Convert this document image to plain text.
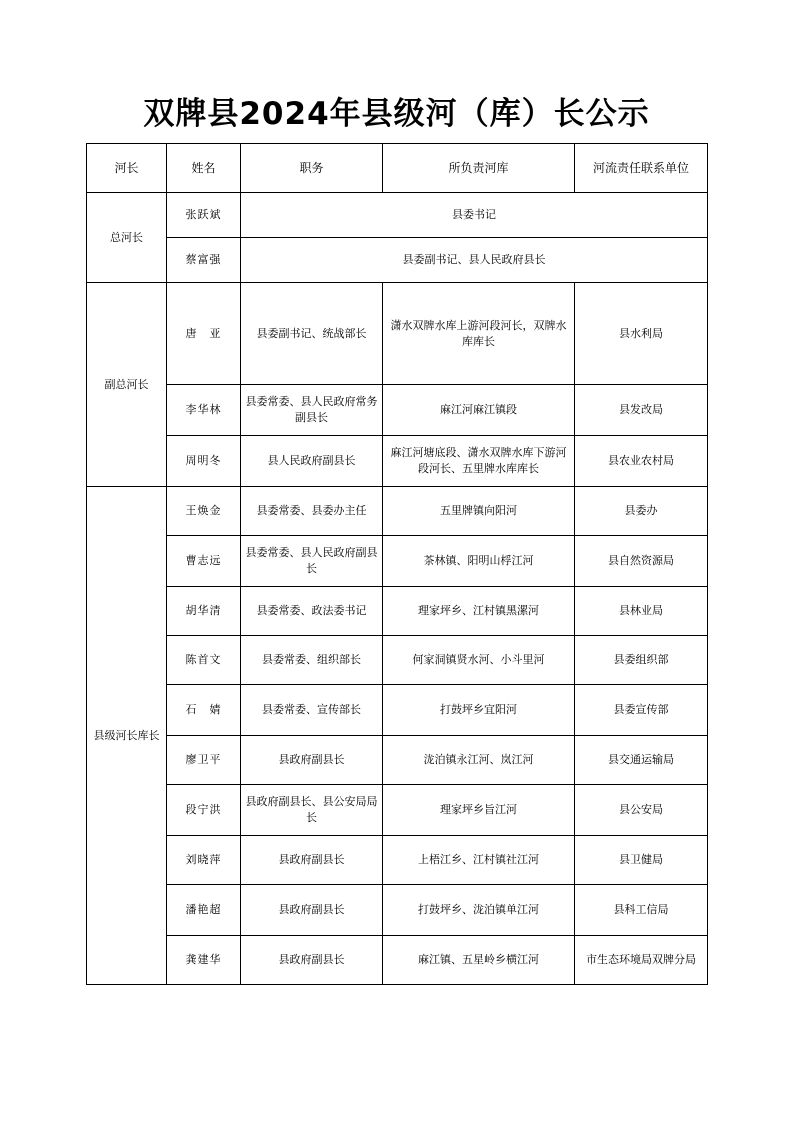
双牌县2024年县级河（库）长公示
河长	姓名	职务	所负责河库	河流责任联系单位
总河长	张跃斌	县委书记		
	蔡富强	县委副书记、县人民政府县长		
副总河长	唐　亚	县委副书记、统战部长	潇水双牌水库上游河段河长，双牌水库库长	县水利局
	李华林	县委常委、县人民政府常务副县长	麻江河麻江镇段	县发改局
	周明冬	县人民政府副县长	麻江河塘底段、潇水双牌水库下游河段河长、五里牌水库库长	县农业农村局
县级河长库长	王焕金	县委常委、县委办主任	五里牌镇向阳河	县委办
	曹志远	县委常委、县人民政府副县长	茶林镇、阳明山桴江河	县自然资源局
	胡华清	县委常委、政法委书记	理家坪乡、江村镇黑漯河	县林业局
	陈首文	县委常委、组织部长	何家洞镇贤水河、小斗里河	县委组织部
	石　婧	县委常委、宣传部长	打鼓坪乡宜阳河	县委宣传部
	廖卫平	县政府副县长	泷泊镇永江河、岚江河	县交通运输局
	段宁洪	县政府副县长、县公安局局长	理家坪乡旨江河	县公安局
	刘晓萍	县政府副县长	上梧江乡、江村镇社江河	县卫健局
	潘艳超	县政府副县长	打鼓坪乡、泷泊镇单江河	县科工信局
	龚建华	县政府副县长	麻江镇、五星岭乡横江河	市生态环境局双牌分局
